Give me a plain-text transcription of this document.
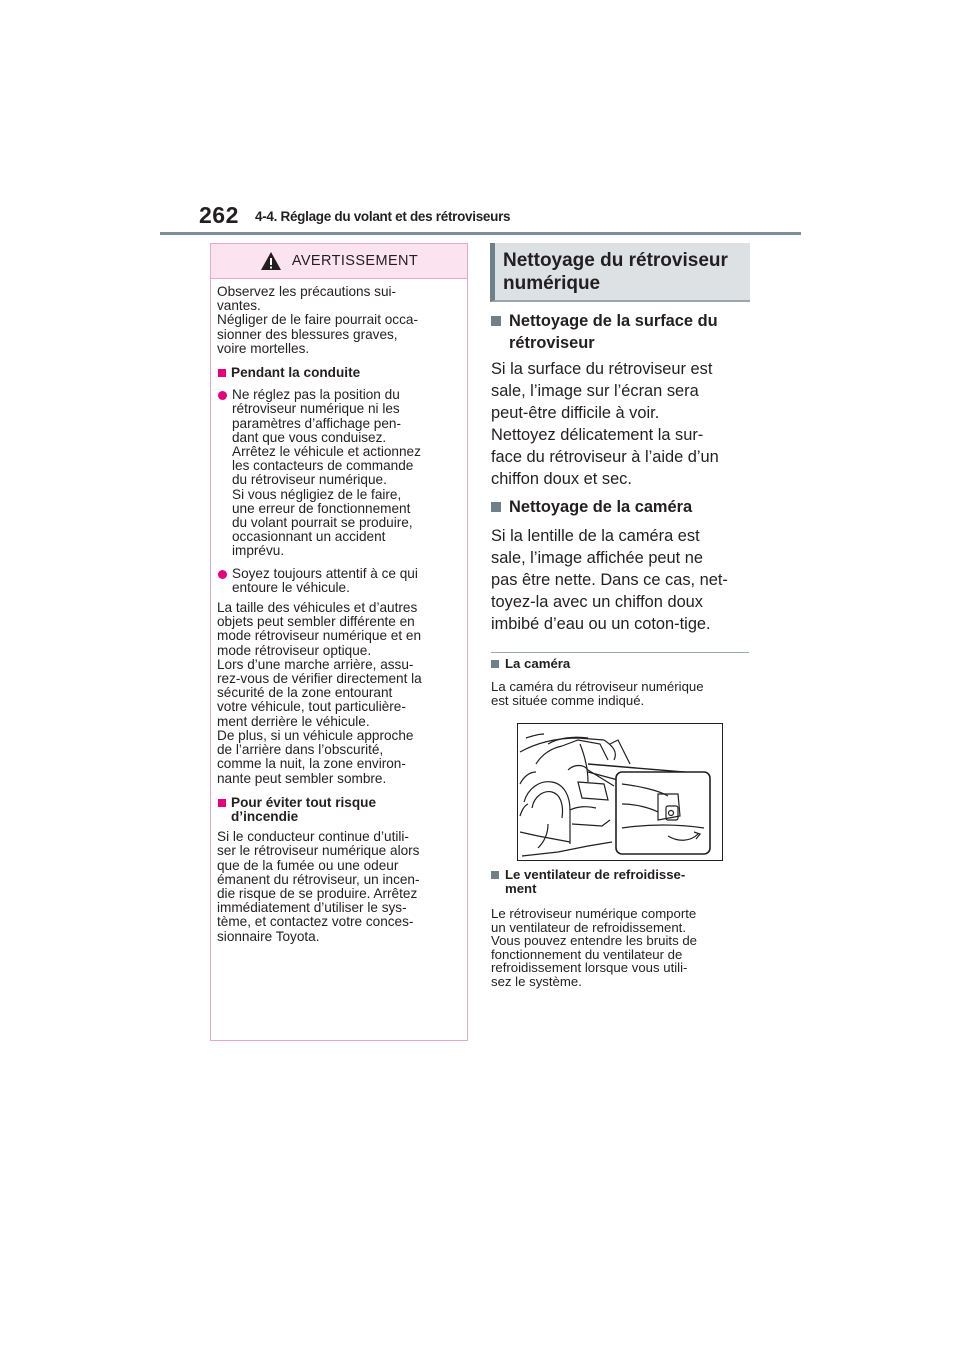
262 4-4. Réglage du volant et des rétroviseurs
AVERTISSEMENT

Observez les précautions sui-
vantes.
Négliger de le faire pourrait occa-
sionner des blessures graves,
voire mortelles.

Pendant la conduite
Ne réglez pas la position du
rétroviseur numérique ni les
paramètres d’affichage pen-
dant que vous conduisez.
Arrêtez le véhicule et actionnez
les contacteurs de commande
du rétroviseur numérique.
Si vous négligiez de le faire,
une erreur de fonctionnement
du volant pourrait se produire,
occasionnant un accident
imprévu.
Soyez toujours attentif à ce qui
entoure le véhicule.

La taille des véhicules et d’autres
objets peut sembler différente en
mode rétroviseur numérique et en
mode rétroviseur optique.
Lors d’une marche arrière, assu-
rez-vous de vérifier directement la
sécurité de la zone entourant
votre véhicule, tout particulière-
ment derrière le véhicule.
De plus, si un véhicule approche
de l’arrière dans l’obscurité,
comme la nuit, la zone environ-
nante peut sembler sombre.

Pour éviter tout risque
d’incendie

Si le conducteur continue d’utili-
ser le rétroviseur numérique alors
que de la fumée ou une odeur
émanent du rétroviseur, un incen-
die risque de se produire. Arrêtez
immédiatement d’utiliser le sys-
tème, et contactez votre conces-
sionnaire Toyota.

Nettoyage du rétroviseur
numérique
Nettoyage de la surface du
rétroviseur
Si la surface du rétroviseur est
sale, l’image sur l’écran sera
peut-être difficile à voir.
Nettoyez délicatement la sur-
face du rétroviseur à l’aide d’un
chiffon doux et sec.
Nettoyage de la caméra
Si la lentille de la caméra est
sale, l’image affichée peut ne
pas être nette. Dans ce cas, net-
toyez-la avec un chiffon doux
imbibé d’eau ou un coton-tige.
La caméra
La caméra du rétroviseur numérique
est située comme indiqué.
Le ventilateur de refroidisse-
ment
Le rétroviseur numérique comporte
un ventilateur de refroidissement.
Vous pouvez entendre les bruits de
fonctionnement du ventilateur de
refroidissement lorsque vous utili-
sez le système.
